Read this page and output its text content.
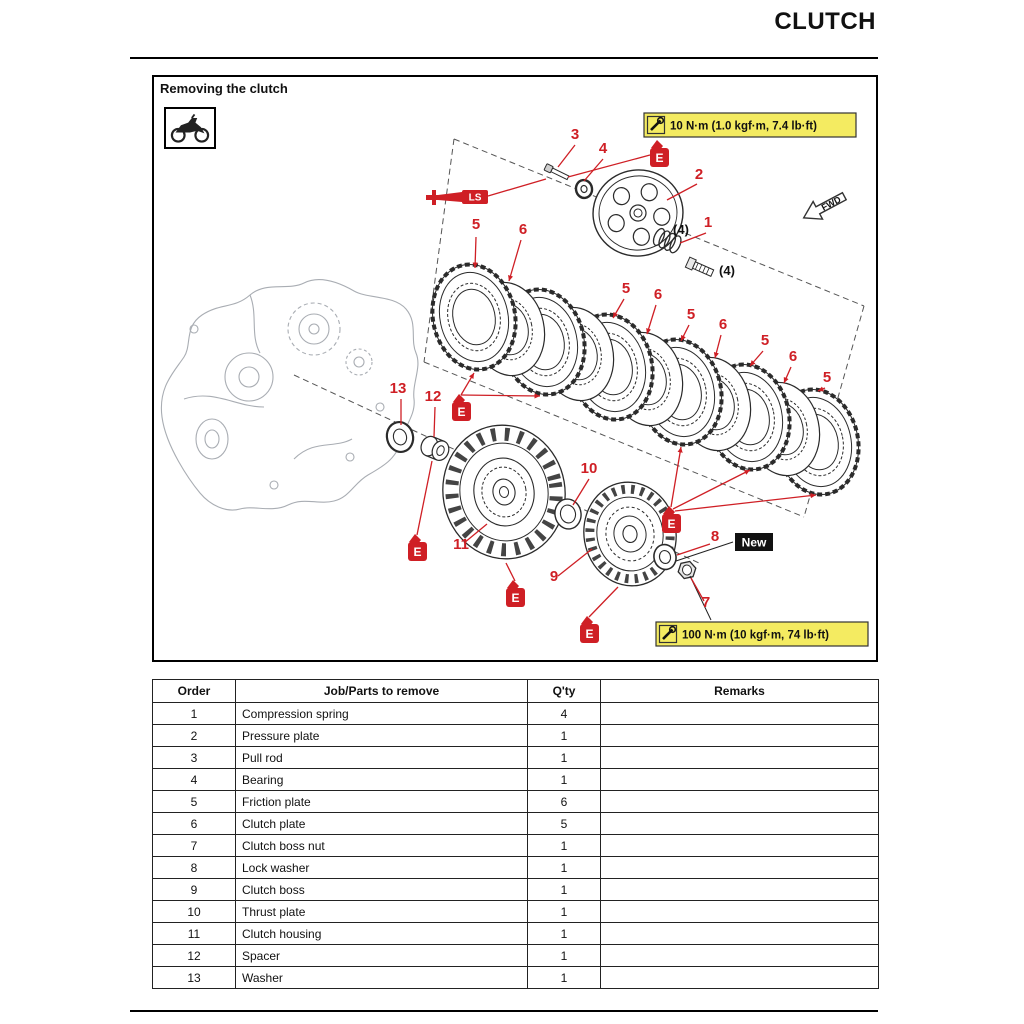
CLUTCH
Removing the clutch
3
4
2
1
(4)
(4)
5
5
5
5
5
6
6
6
6
13 12
11
10
9
8
7
E
E
E
E
E
E
LS	FWD
10 N·m (1.0 kgf·m, 7.4 lb·ft)
100 N·m (10 kgf·m, 74 lb·ft)
New
Order	Job/Parts to remove	Q'ty	Remarks
1	Compression spring	4	
2	Pressure plate	1	
3	Pull rod	1	
4	Bearing	1	
5	Friction plate	6	
6	Clutch plate	5	
7	Clutch boss nut	1	
8	Lock washer	1	
9	Clutch boss	1	
10	Thrust plate	1	
11	Clutch housing	1	
12	Spacer	1	
13	Washer	1	
